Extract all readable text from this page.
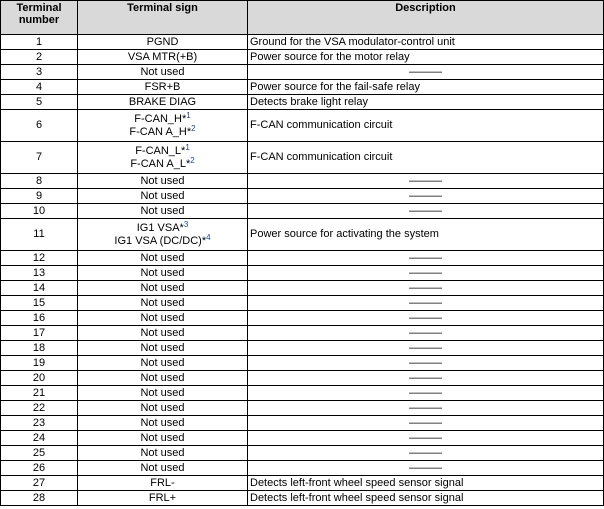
Terminal number	Terminal sign	Description
1	PGND	Ground for the VSA modulator-control unit
2	VSA MTR(+B)	Power source for the motor relay
3	Not used	———
4	FSR+B	Power source for the fail-safe relay
5	BRAKE DIAG	Detects brake light relay
6	F-CAN_H*$^1$
F-CAN A_H*$^2$	F-CAN communication circuit
7	F-CAN_L*$^1$
F-CAN A_L*$^2$	F-CAN communication circuit
8	Not used	———
9	Not used	———
10	Not used	———
11	IG1 VSA*$^3$
IG1 VSA (DC/DC)*$^4$	Power source for activating the system
12	Not used	———
13	Not used	———
14	Not used	———
15	Not used	———
16	Not used	———
17	Not used	———
18	Not used	———
19	Not used	———
20	Not used	———
21	Not used	———
22	Not used	———
23	Not used	———
24	Not used	———
25	Not used	———
26	Not used	———
27	FRL-	Detects left-front wheel speed sensor signal
28	FRL+	Detects left-front wheel speed sensor signal
